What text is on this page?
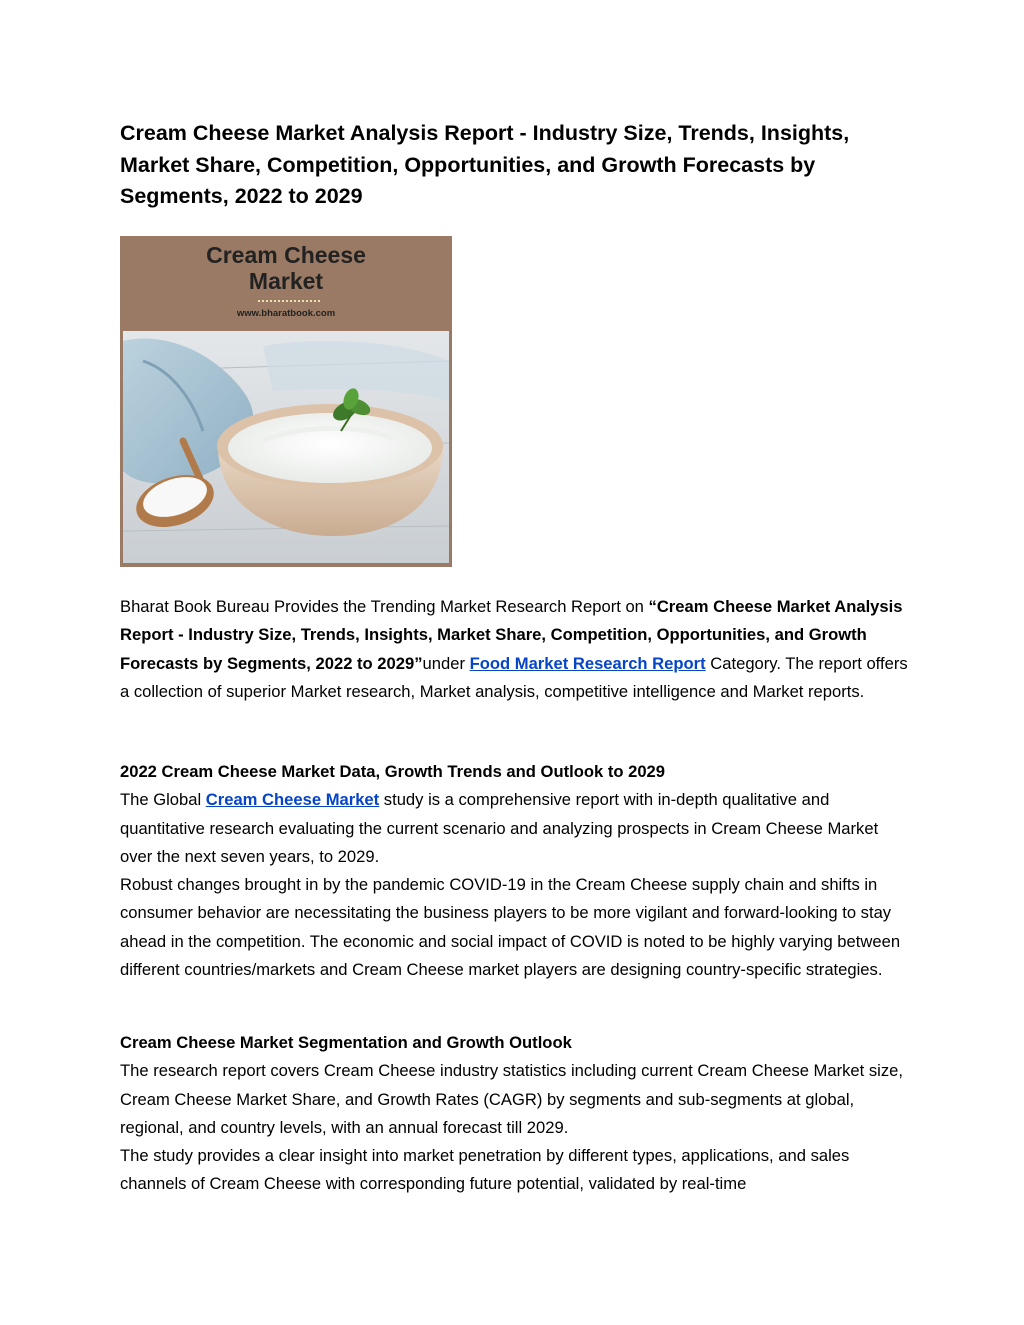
Cream Cheese Market Analysis Report - Industry Size, Trends, Insights, Market Share, Competition, Opportunities, and Growth Forecasts by Segments, 2022 to 2029
Cream Cheese
Market
www.bharatbook.com

Bharat Book Bureau Provides the Trending Market Research Report on “Cream Cheese Market Analysis Report - Industry Size, Trends, Insights, Market Share, Competition, Opportunities, and Growth Forecasts by Segments, 2022 to 2029”under Food Market Research Report Category. The report offers a collection of superior Market research, Market analysis, competitive intelligence and Market reports.

2022 Cream Cheese Market Data, Growth Trends and Outlook to 2029
The Global Cream Cheese Market study is a comprehensive report with in-depth qualitative and quantitative research evaluating the current scenario and analyzing prospects in Cream Cheese Market over the next seven years, to 2029.
Robust changes brought in by the pandemic COVID-19 in the Cream Cheese supply chain and shifts in consumer behavior are necessitating the business players to be more vigilant and forward-looking to stay ahead in the competition. The economic and social impact of COVID is noted to be highly varying between different countries/markets and Cream Cheese market players are designing country-specific strategies.
Cream Cheese Market Segmentation and Growth Outlook
The research report covers Cream Cheese industry statistics including current Cream Cheese Market size, Cream Cheese Market Share, and Growth Rates (CAGR) by segments and sub-segments at global, regional, and country levels, with an annual forecast till 2029.
The study provides a clear insight into market penetration by different types, applications, and sales channels of Cream Cheese with corresponding future potential, validated by real-time
